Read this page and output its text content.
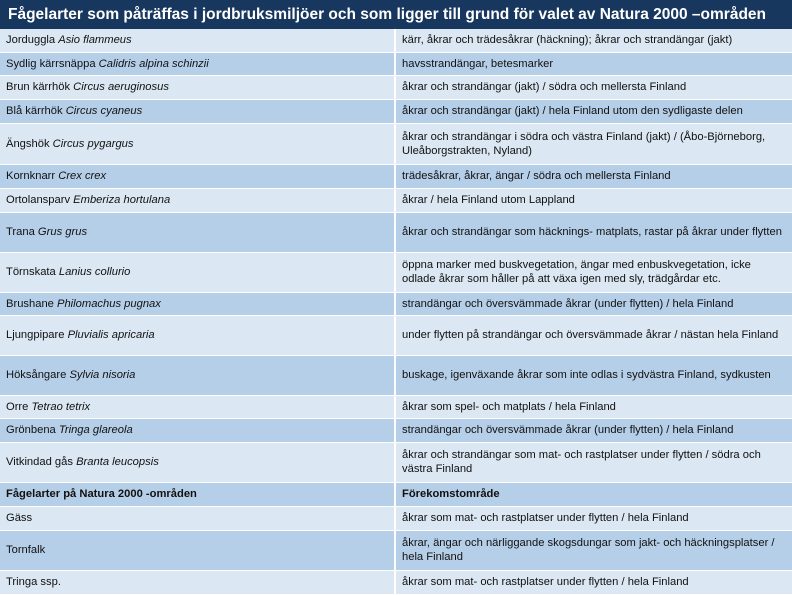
Fågelarter som påträffas i jordbruksmiljöer och som ligger till grund för valet av Natura 2000 –områden
Jorduggla Asio flammeus	kärr, åkrar och trädesåkrar (häckning); åkrar och strandängar (jakt)
Sydlig kärrsnäppa Calidris alpina schinzii	havsstrandängar, betesmarker
Brun kärrhök Circus aeruginosus	åkrar och strandängar (jakt) / södra och mellersta Finland
Blå kärrhök Circus cyaneus	åkrar och strandängar (jakt) / hela Finland utom den sydligaste delen
Ängshök Circus pygargus	åkrar och strandängar i södra och västra Finland (jakt) / (Åbo-Björneborg, Uleåborgstrakten, Nyland)
Kornknarr Crex crex	trädesåkrar, åkrar, ängar / södra och mellersta Finland
Ortolansparv Emberiza hortulana	åkrar / hela Finland utom Lappland
Trana Grus grus	åkrar och strandängar som häcknings- matplats, rastar på åkrar under flytten
Törnskata Lanius collurio	öppna marker med buskvegetation, ängar med enbuskvegetation, icke odlade åkrar som håller på att växa igen med sly, trädgårdar etc.
Brushane Philomachus pugnax	strandängar och översvämmade åkrar (under flytten) / hela Finland
Ljungpipare Pluvialis apricaria	under flytten på strandängar och översvämmade åkrar / nästan hela Finland
Höksångare Sylvia nisoria	buskage, igenväxande åkrar som inte odlas i sydvästra Finland, sydkusten
Orre Tetrao tetrix	åkrar som spel- och matplats / hela Finland
Grönbena Tringa glareola	strandängar och översvämmade åkrar (under flytten) / hela Finland
Vitkindad gås Branta leucopsis	åkrar och strandängar som mat- och rastplatser under flytten / södra och västra Finland
Fågelarter på Natura 2000 -områden	Förekomstområde
Gäss	åkrar som mat- och rastplatser under flytten / hela Finland
Tornfalk	åkrar, ängar och närliggande skogsdungar som jakt- och häckningsplatser / hela Finland
Tringa ssp.	åkrar som mat- och rastplatser under flytten / hela Finland
